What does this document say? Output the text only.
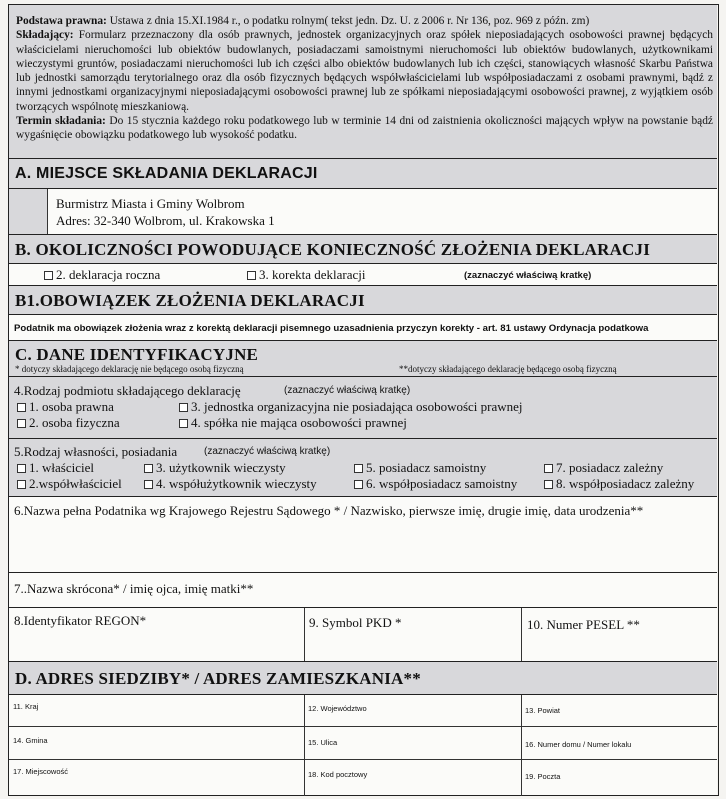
Podstawa prawna: Ustawa z dnia 15.XI.1984 r., o podatku rolnym( tekst jedn. Dz. U. z 2006 r. Nr 136, poz. 969 z późn. zm)
Składający: Formularz przeznaczony dla osób prawnych, jednostek organizacyjnych oraz spółek nieposiadających osobowości prawnej będących właścicielami nieruchomości lub obiektów budowlanych, posiadaczami samoistnymi nieruchomości lub obiektów budowlanych, użytkownikami wieczystymi gruntów, posiadaczami nieruchomości lub ich części albo obiektów budowlanych lub ich części, stanowiących własność Skarbu Państwa lub jednostki samorządu terytorialnego oraz dla osób fizycznych będących współwłaścicielami lub współposiadaczami z osobami prawnymi, bądź z innymi jednostkami organizacyjnymi nieposiadającymi osobowości prawnej lub ze spółkami nieposiadającymi osobowości prawnej, z wyjątkiem osób tworzących wspólnotę mieszkaniową.
Termin składania: Do 15 stycznia każdego roku podatkowego lub w terminie 14 dni od zaistnienia okoliczności mających wpływ na powstanie bądź wygaśnięcie obowiązku podatkowego lub wysokość podatku.
A. MIEJSCE SKŁADANIA DEKLARACJI
Burmistrz Miasta i Gminy Wolbrom
Adres: 32-340 Wolbrom, ul. Krakowska 1
B. OKOLICZNOŚCI POWODUJĄCE KONIECZNOŚĆ ZŁOŻENIA DEKLARACJI
2. deklaracja roczna	3. korekta deklaracji	(zaznaczyć właściwą kratkę)
B1.OBOWIĄZEK ZŁOŻENIA DEKLARACJI
Podatnik ma obowiązek złożenia wraz z korektą deklaracji pisemnego uzasadnienia przyczyn korekty - art. 81 ustawy Ordynacja podatkowa
C. DANE IDENTYFIKACYJNE
* dotyczy składającego deklarację nie będącego osobą fizyczną	**dotyczy składającego deklarację będącego osobą fizyczną
4.Rodzaj podmiotu składającego deklarację	(zaznaczyć właściwą kratkę)
1. osoba prawna	3. jednostka organizacyjna nie posiadająca osobowości prawnej
2. osoba fizyczna	4. spółka nie mająca osobowości prawnej
5.Rodzaj własności, posiadania	(zaznaczyć właściwą kratkę)
1. właściciel	3. użytkownik wieczysty	5. posiadacz samoistny	7. posiadacz zależny
2.współwłaściciel	4. współużytkownik wieczysty	6. współposiadacz samoistny	8. współposiadacz zależny
6.Nazwa pełna Podatnika wg Krajowego Rejestru Sądowego * / Nazwisko, pierwsze imię, drugie imię, data urodzenia**
7..Nazwa skrócona* / imię ojca, imię matki**
8.Identyfikator REGON*	9. Symbol PKD *	10. Numer PESEL **
D. ADRES SIEDZIBY* / ADRES ZAMIESZKANIA**
11. Kraj	12. Województwo	13. Powiat
14. Gmina	15. Ulica	16. Numer domu / Numer lokalu
17. Miejscowość	18. Kod pocztowy	19. Poczta
